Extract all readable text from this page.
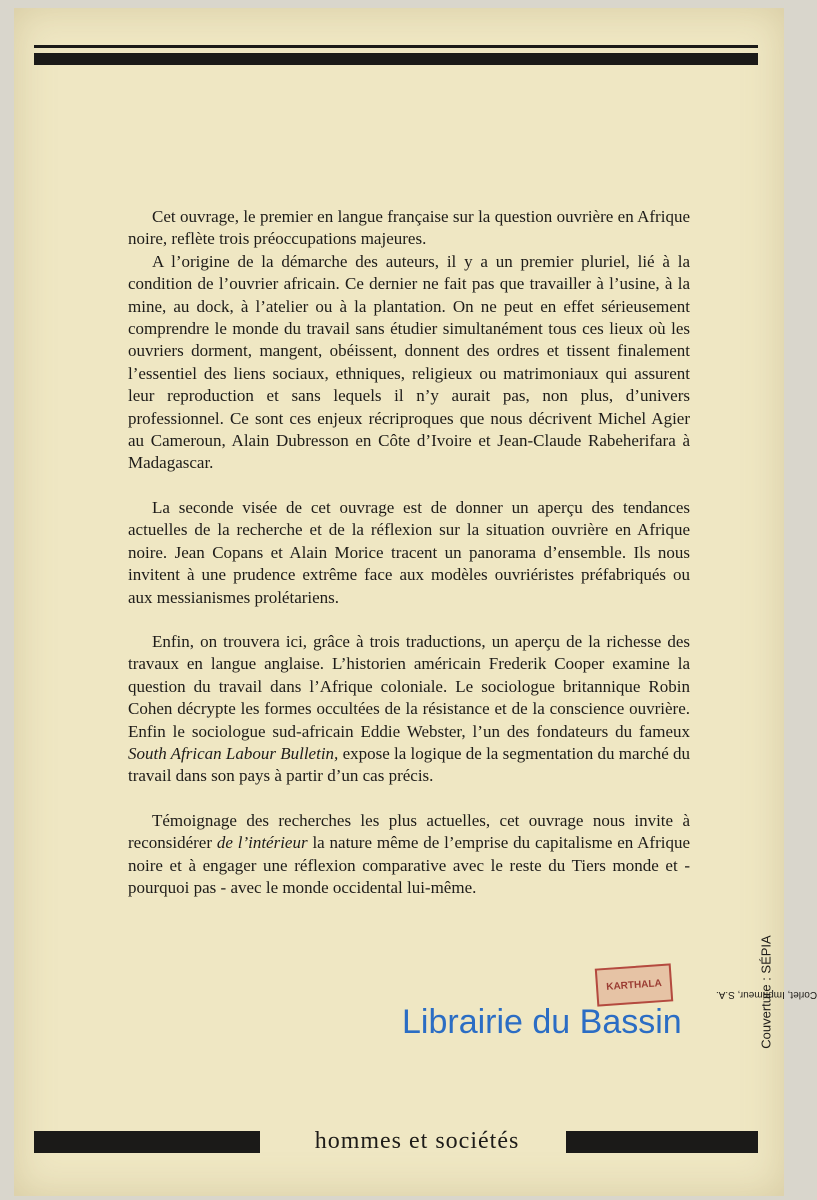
Cet ouvrage, le premier en langue française sur la question ouvrière en Afrique noire, reflète trois préoccupations majeures.

A l’origine de la démarche des auteurs, il y a un premier pluriel, lié à la condition de l’ouvrier africain. Ce dernier ne fait pas que travailler à l’usine, à la mine, au dock, à l’atelier ou à la plantation. On ne peut en effet sérieusement comprendre le monde du travail sans étudier simultanément tous ces lieux où les ouvriers dorment, mangent, obéissent, donnent des ordres et tissent finalement l’essentiel des liens sociaux, ethniques, religieux ou matrimoniaux qui assurent leur reproduction et sans lequels il n’y aurait pas, non plus, d’univers professionnel. Ce sont ces enjeux récriproques que nous décrivent Michel Agier au Cameroun, Alain Dubresson en Côte d’Ivoire et Jean-Claude Rabeherifara à Madagascar.

La seconde visée de cet ouvrage est de donner un aperçu des tendances actuelles de la recherche et de la réflexion sur la situation ouvrière en Afrique noire. Jean Copans et Alain Morice tracent un panorama d’ensemble. Ils nous invitent à une prudence extrême face aux modèles ouvriéristes préfabriqués ou aux messianismes prolétariens.

Enfin, on trouvera ici, grâce à trois traductions, un aperçu de la richesse des travaux en langue anglaise. L’historien américain Frederik Cooper examine la question du travail dans l’Afrique coloniale. Le sociologue britannique Robin Cohen décrypte les formes occultées de la résistance et de la conscience ouvrière. Enfin le sociologue sud-africain Eddie Webster, l’un des fondateurs du fameux South African Labour Bulletin, expose la logique de la segmentation du marché du travail dans son pays à partir d’un cas précis.

Témoignage des recherches les plus actuelles, cet ouvrage nous invite à reconsidérer de l’intérieur la nature même de l’emprise du capitalisme en Afrique noire et à engager une réflexion comparative avec le reste du Tiers monde et - pourquoi pas - avec le monde occidental lui-même.

Corlet, Imprimeur, S.A.
Couverture : SÉPIA
KARTHALA
Librairie du Bassin
hommes et sociétés
